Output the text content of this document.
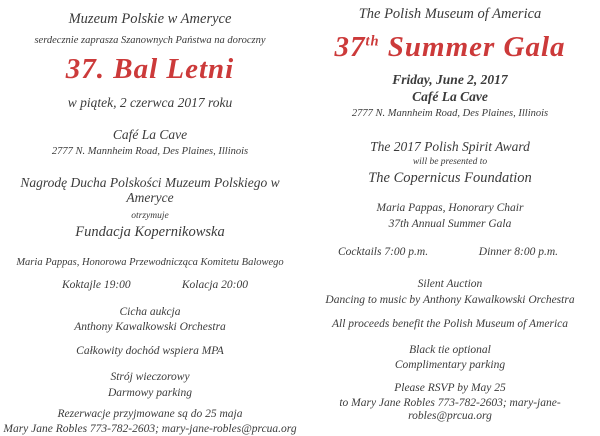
Muzeum Polskie w Ameryce
serdecznie zaprasza Szanownych Państwa na doroczny
37. Bal Letni
w piątek, 2 czerwca 2017 roku
Café La Cave
2777 N. Mannheim Road, Des Plaines, Illinois
Nagrodę Ducha Polskości Muzeum Polskiego w Ameryce
otrzymuje
Fundacja Kopernikowska
Maria Pappas, Honorowa Przewodnicząca Komitetu Balowego
Koktajle 19:00	Kolacja 20:00
Cicha aukcja
Anthony Kawalkowski Orchestra
Całkowity dochód wspiera MPA
Strój wieczorowy
Darmowy parking
Rezerwacje przyjmowane są do 25 maja
Mary Jane Robles 773-782-2603; mary-jane-robles@prcua.org
The Polish Museum of America
37th Summer Gala
Friday, June 2, 2017
Café La Cave
2777 N. Mannheim Road, Des Plaines, Illinois
The 2017 Polish Spirit Award
will be presented to
The Copernicus Foundation
Maria Pappas, Honorary Chair
37th Annual Summer Gala
Cocktails 7:00 p.m.	Dinner 8:00 p.m.
Silent Auction
Dancing to music by Anthony Kawalkowski Orchestra
All proceeds benefit the Polish Museum of America
Black tie optional
Complimentary parking
Please RSVP by May 25
to Mary Jane Robles 773-782-2603; mary-jane-robles@prcua.org
